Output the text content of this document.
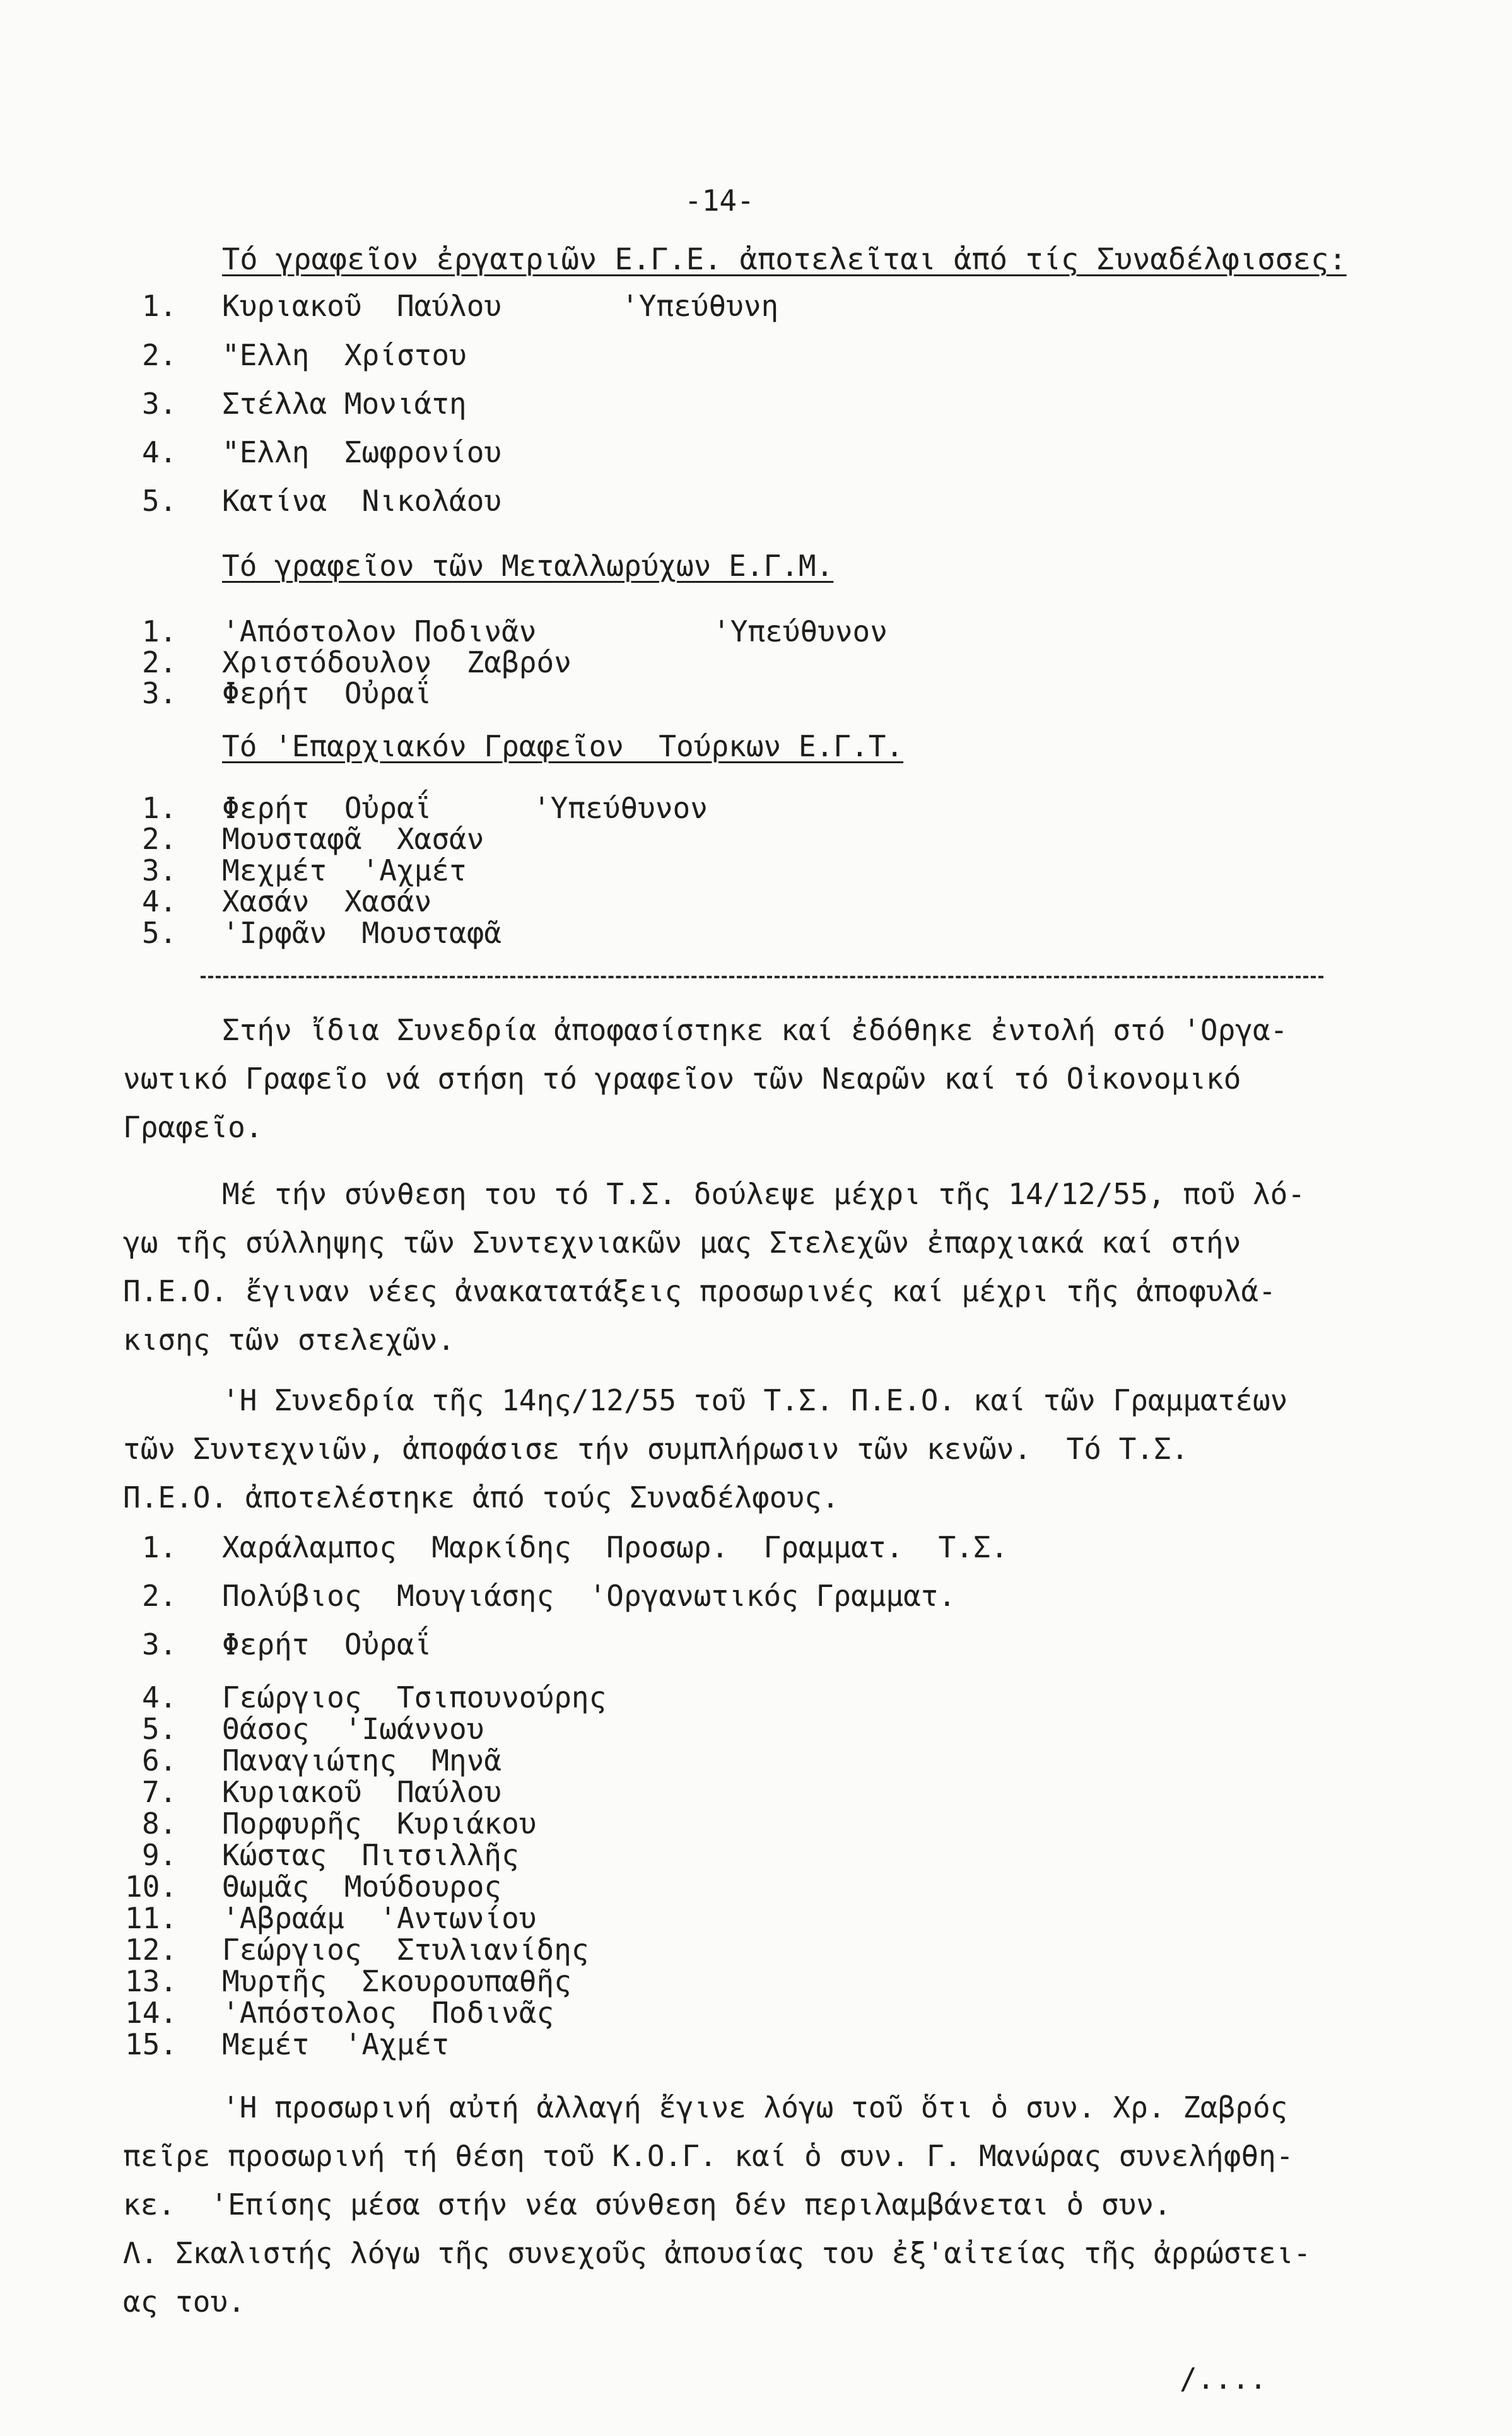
-14-
Τό γραφεῖον ἐργατριῶν Ε.Γ.Ε. ἀποτελεῖται ἀπό τίς Συναδέλφισσες:
1. Κυριακοῦ  Παύλου	'Υπεύθυνη
2. "Ελλη  Χρίστου
3. Στέλλα Μονιάτη
4. "Ελλη  Σωφρονίου
5. Κατίνα  Νικολάου
Τό γραφεῖον τῶν Μεταλλωρύχων Ε.Γ.Μ.
1. 'Απόστολον Ποδινᾶν	'Υπεύθυνον
2. Χριστόδουλον  Ζαβρόν
3. Φερήτ  Οὐραΐ
Τό 'Επαρχιακόν Γραφεῖον  Τούρκων Ε.Γ.Τ.
1. Φερήτ  Οὐραΐ	'Υπεύθυνον
2. Μουσταφᾶ  Χασάν
3. Μεχμέτ  'Αχμέτ
4. Χασάν  Χασάν
5. 'Ιρφᾶν  Μουσταφᾶ
Στήν ἴδια Συνεδρία ἀποφασίστηκε καί ἐδόθηκε ἐντολή στό 'Οργα-
νωτικό Γραφεῖο νά στήση τό γραφεῖον τῶν Νεαρῶν καί τό Οἰκονομικό
Γραφεῖο.
Μέ τήν σύνθεση του τό Τ.Σ. δούλεψε μέχρι τῆς 14/12/55, ποῦ λό-
γω τῆς σύλληψης τῶν Συντεχνιακῶν μας Στελεχῶν ἐπαρχιακά καί στήν
Π.Ε.Ο. ἔγιναν νέες ἀνακατατάξεις προσωρινές καί μέχρι τῆς ἀποφυλά-
κισης τῶν στελεχῶν.
'Η Συνεδρία τῆς 14ης/12/55 τοῦ Τ.Σ. Π.Ε.Ο. καί τῶν Γραμματέων
τῶν Συντεχνιῶν, ἀποφάσισε τήν συμπλήρωσιν τῶν κενῶν.  Τό Τ.Σ.
Π.Ε.Ο. ἀποτελέστηκε ἀπό τούς Συναδέλφους.
1. Χαράλαμπος  Μαρκίδης  Προσωρ.  Γραμματ.  Τ.Σ.
2. Πολύβιος  Μουγιάσης  'Οργανωτικός Γραμματ.
3. Φερήτ  Οὐραΐ
4. Γεώργιος  Τσιπουνούρης
5. Θάσος  'Ιωάννου
6. Παναγιώτης  Μηνᾶ
7. Κυριακοῦ  Παύλου
8. Πορφυρῆς  Κυριάκου
9. Κώστας  Πιτσιλλῆς
10. Θωμᾶς  Μούδουρος
11. 'Αβραάμ  'Αντωνίου
12. Γεώργιος  Στυλιανίδης
13. Μυρτῆς  Σκουρουπαθῆς
14. 'Απόστολος  Ποδινᾶς
15. Μεμέτ  'Αχμέτ
'Η προσωρινή αὐτή ἀλλαγή ἔγινε λόγω τοῦ ὅτι ὁ συν. Χρ. Ζαβρός
πεῖρε προσωρινή τή θέση τοῦ Κ.Ο.Γ. καί ὁ συν. Γ. Μανώρας συνελήφθη-
κε.  'Επίσης μέσα στήν νέα σύνθεση δέν περιλαμβάνεται ὁ συν.
Λ. Σκαλιστής λόγω τῆς συνεχοῦς ἀπουσίας του ἐξ'αἰτείας τῆς ἀρρώστει-
ας του.
/....
